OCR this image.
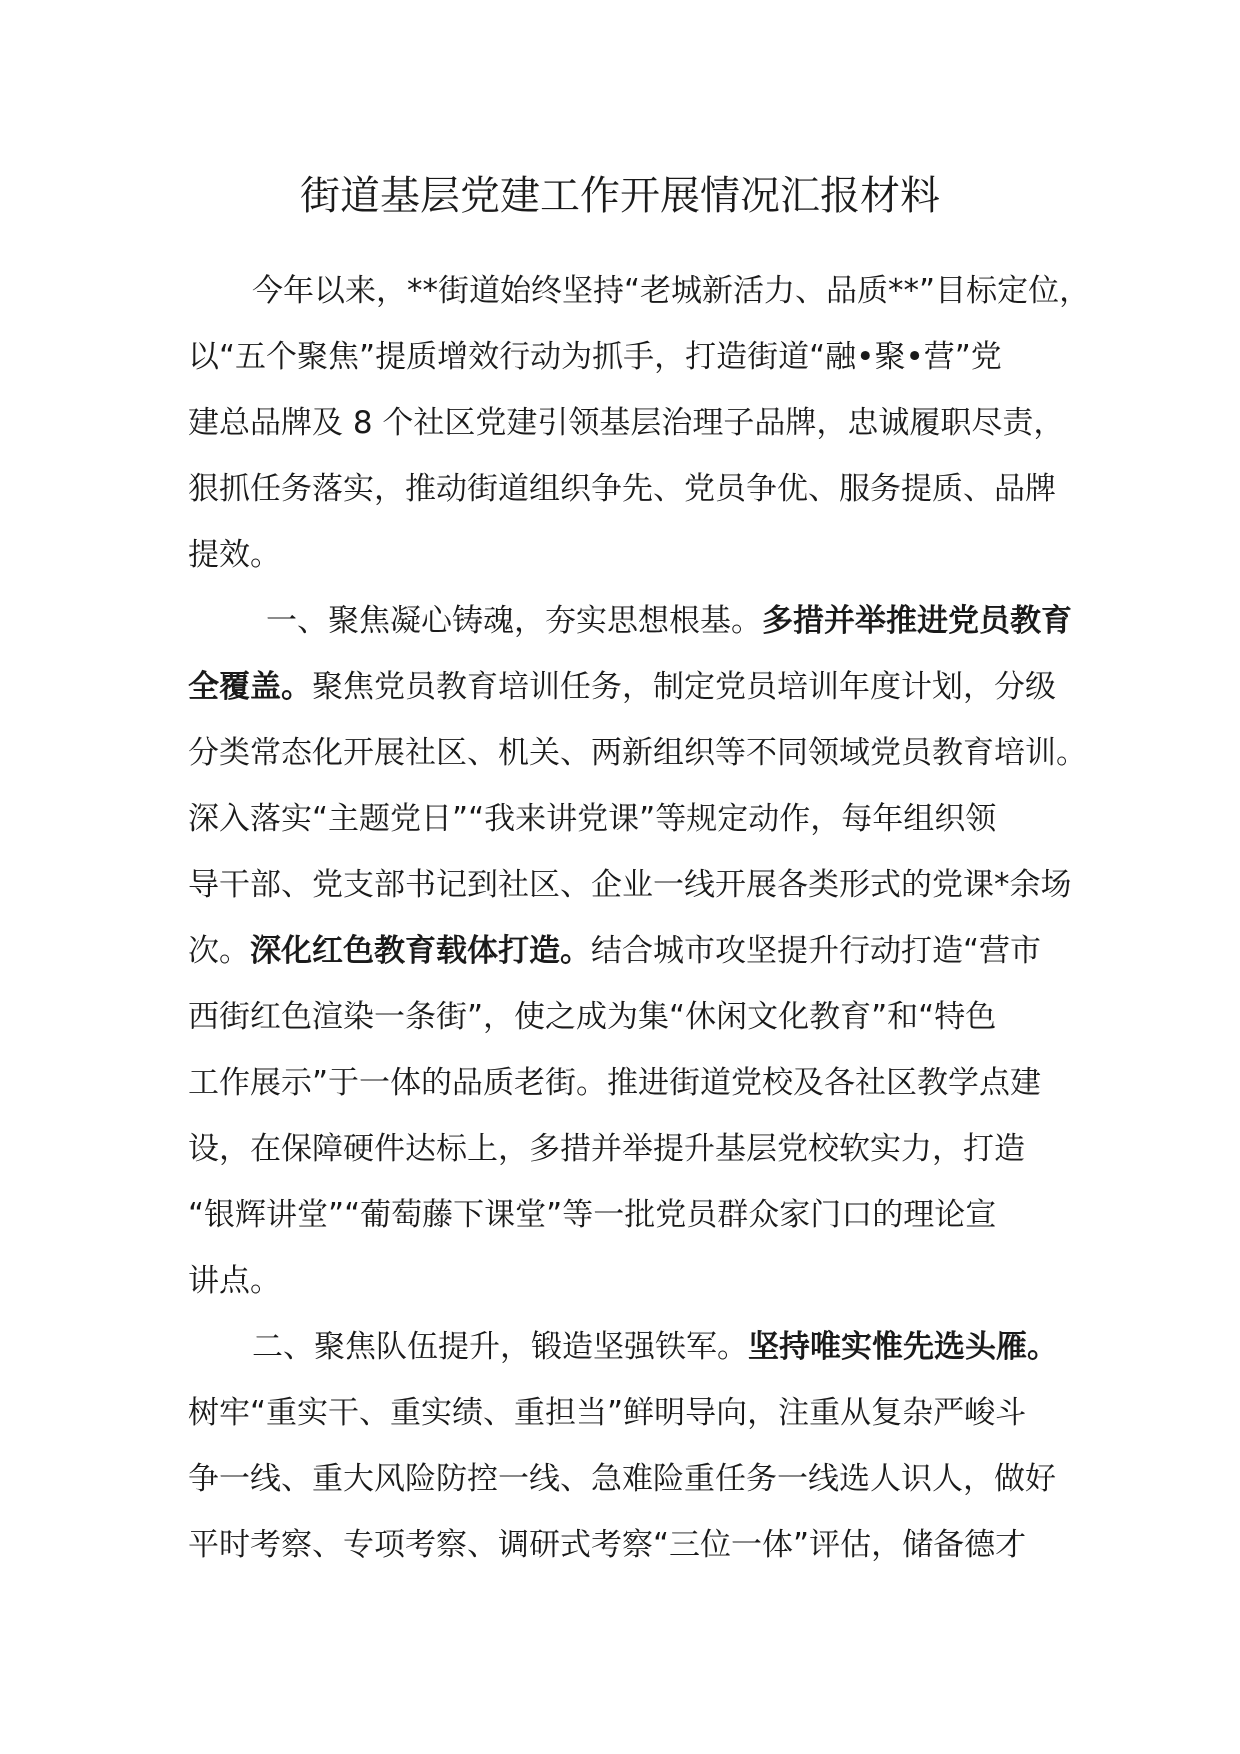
街道基层党建工作开展情况汇报材料

今年以来，**街道始终坚持“老城新活力、品质**”目标定位，

以“五个聚焦”提质增效行动为抓手，打造街道“融•聚•营”党

建总品牌及 8 个社区党建引领基层治理子品牌，忠诚履职尽责，

狠抓任务落实，推动街道组织争先、党员争优、服务提质、品牌

提效。

一、聚焦凝心铸魂，夯实思想根基。多措并举推进党员教育

全覆盖。聚焦党员教育培训任务，制定党员培训年度计划，分级

分类常态化开展社区、机关、两新组织等不同领域党员教育培训。

深入落实“主题党日”“我来讲党课”等规定动作，每年组织领

导干部、党支部书记到社区、企业一线开展各类形式的党课*余场

次。深化红色教育载体打造。结合城市攻坚提升行动打造“营市

西街红色渲染一条街”，使之成为集“休闲文化教育”和“特色

工作展示”于一体的品质老街。推进街道党校及各社区教学点建

设，在保障硬件达标上，多措并举提升基层党校软实力，打造

“银辉讲堂”“葡萄藤下课堂”等一批党员群众家门口的理论宣

讲点。

二、聚焦队伍提升，锻造坚强铁军。坚持唯实惟先选头雁。

树牢“重实干、重实绩、重担当”鲜明导向，注重从复杂严峻斗

争一线、重大风险防控一线、急难险重任务一线选人识人，做好

平时考察、专项考察、调研式考察“三位一体”评估，储备德才
